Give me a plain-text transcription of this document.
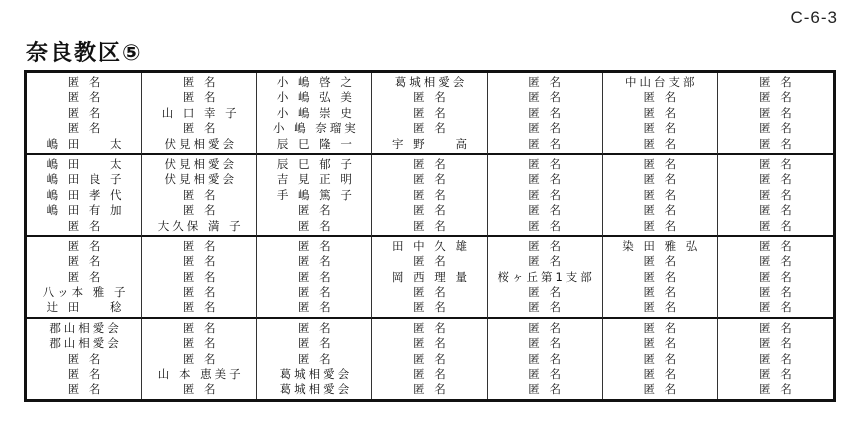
C-6-3
奈良教区⑤
匿 名
匿 名
匿 名
匿 名
嶋 田 　 太
匿 名
匿 名
山 口 幸 子
匿 名
伏見相愛会
小 嶋 啓 之
小 嶋 弘 美
小 嶋 崇 史
小 嶋 奈瑠実
辰 巳 隆 一
葛城相愛会
匿 名
匿 名
匿 名
宇 野 　 高
匿 名
匿 名
匿 名
匿 名
匿 名
中山台支部
匿 名
匿 名
匿 名
匿 名
匿 名
匿 名
匿 名
匿 名
匿 名
嶋 田 　 太
嶋 田 良 子
嶋 田 孝 代
嶋 田 有 加
匿 名
伏見相愛会
伏見相愛会
匿 名
匿 名
大久保 満 子
辰 巳 郁 子
吉 見 正 明
手 嶋 篤 子
匿 名
匿 名
匿 名
匿 名
匿 名
匿 名
匿 名
匿 名
匿 名
匿 名
匿 名
匿 名
匿 名
匿 名
匿 名
匿 名
匿 名
匿 名
匿 名
匿 名
匿 名
匿 名
匿 名
匿 名
匿 名
八ッ本 雅 子
辻 田 　 稔
匿 名
匿 名
匿 名
匿 名
匿 名
匿 名
匿 名
匿 名
匿 名
匿 名
田 中 久 雄
匿 名
岡 西 理 量
匿 名
匿 名
匿 名
匿 名
桜ヶ丘第1支部
匿 名
匿 名
染 田 雅 弘
匿 名
匿 名
匿 名
匿 名
匿 名
匿 名
匿 名
匿 名
匿 名
郡山相愛会
郡山相愛会
匿 名
匿 名
匿 名
匿 名
匿 名
匿 名
山 本 恵美子
匿 名
匿 名
匿 名
匿 名
葛城相愛会
葛城相愛会
匿 名
匿 名
匿 名
匿 名
匿 名
匿 名
匿 名
匿 名
匿 名
匿 名
匿 名
匿 名
匿 名
匿 名
匿 名
匿 名
匿 名
匿 名
匿 名
匿 名
